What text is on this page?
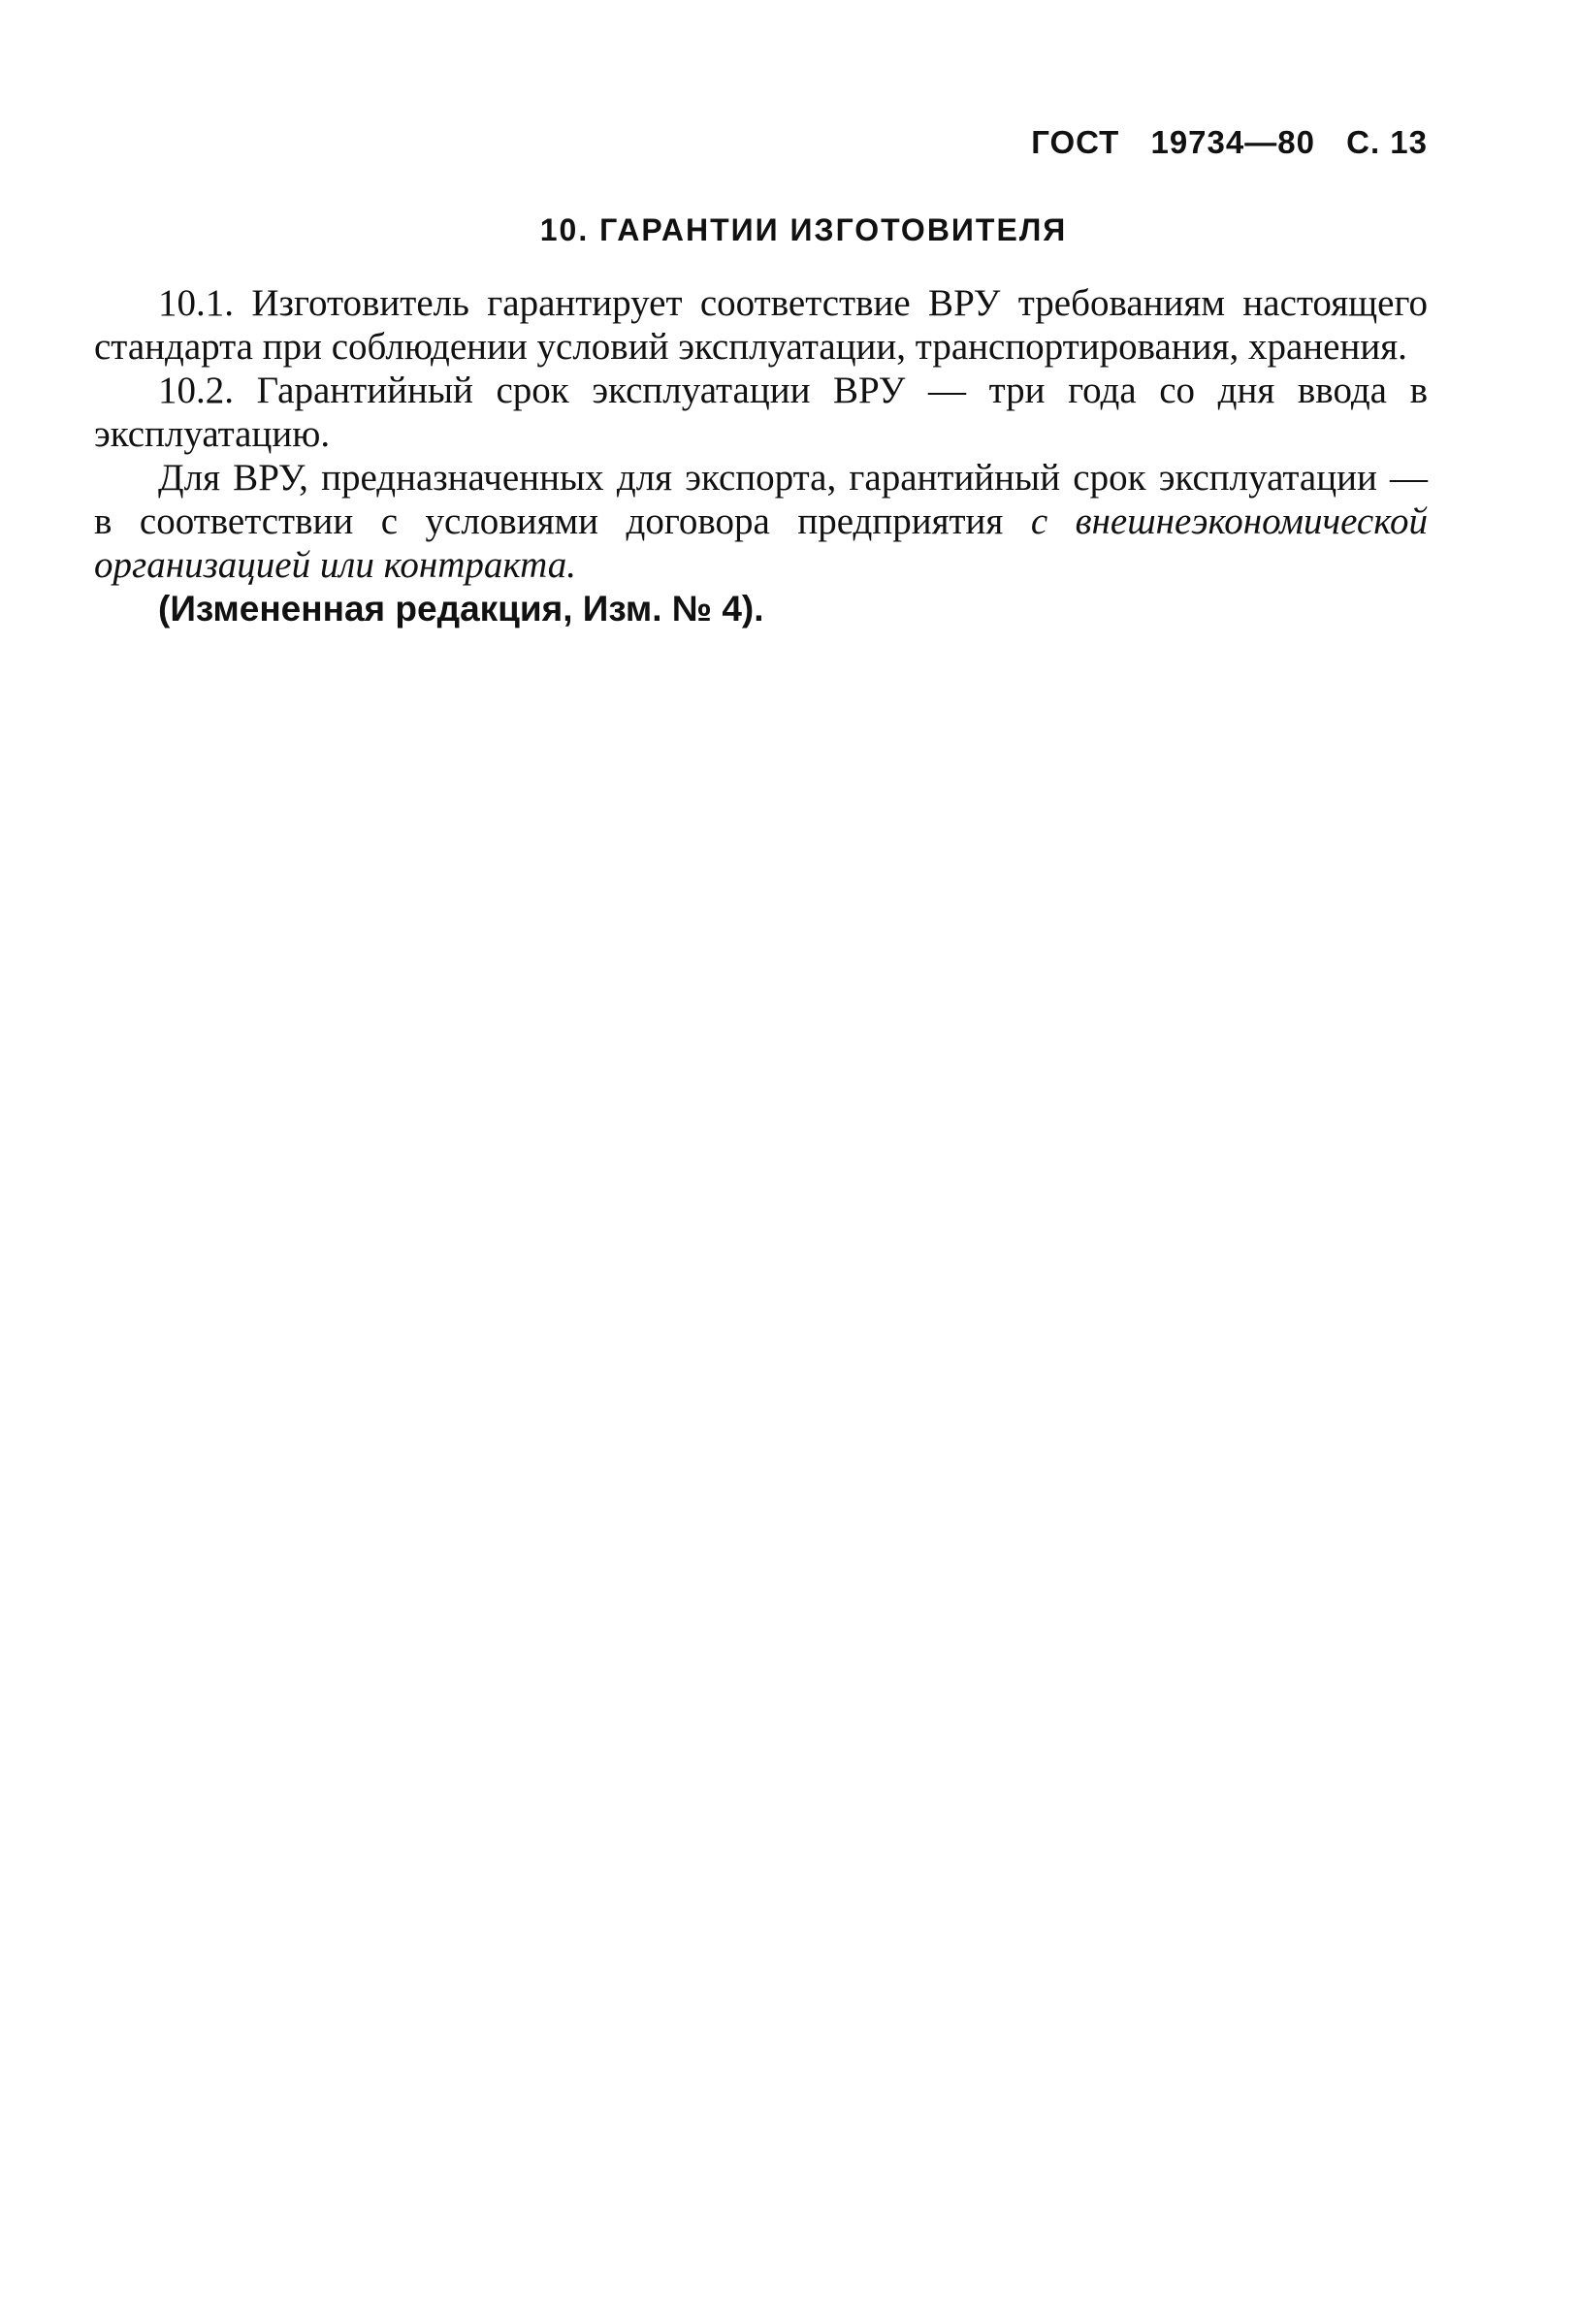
ГОСТ 19734—80 С. 13
10. ГАРАНТИИ ИЗГОТОВИТЕЛЯ

10.1. Изготовитель гарантирует соответствие ВРУ требованиям настоящего стандарта при соблюдении условий эксплуатации, транспортирования, хранения.

10.2. Гарантийный срок эксплуатации ВРУ — три года со дня ввода в эксплуатацию.

Для ВРУ, предназначенных для экспорта, гарантийный срок эксплуатации — в соответствии с условиями договора предприятия с внешнеэкономической организацией или контракта.

(Измененная редакция, Изм. № 4).
